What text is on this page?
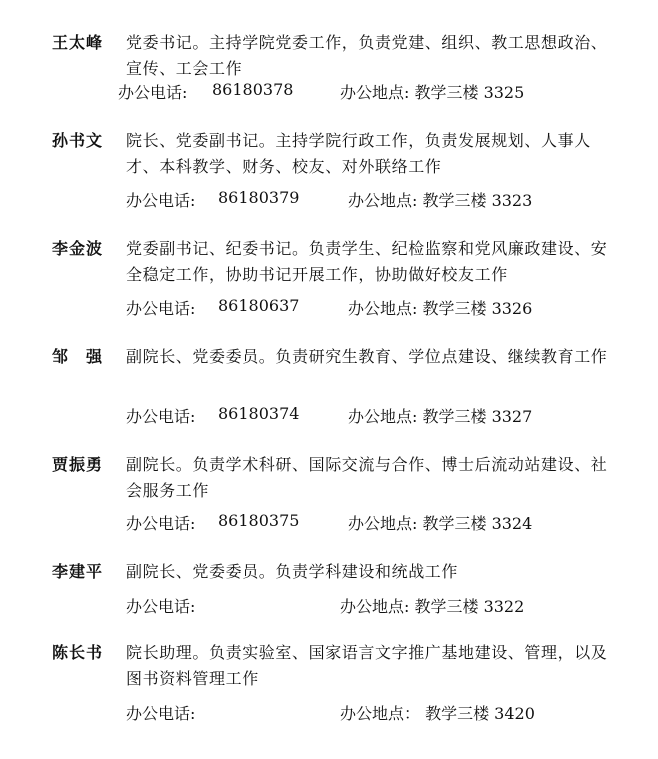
王太峰 党委书记。主持学院党委工作，负责党建、组织、教工思想政治、宣传、工会工作
办公电话: 86180378	办公地点: 教学三楼 3325
孙书文 院长、党委副书记。主持学院行政工作，负责发展规划、人事人才、本科教学、财务、校友、对外联络工作
办公电话: 86180379	办公地点: 教学三楼 3323
李金波 党委副书记、纪委书记。负责学生、纪检监察和党风廉政建设、安全稳定工作，协助书记开展工作，协助做好校友工作
办公电话: 86180637	办公地点: 教学三楼 3326
邹　强 副院长、党委委员。负责研究生教育、学位点建设、继续教育工作
办公电话: 86180374	办公地点: 教学三楼 3327
贾振勇 副院长。负责学术科研、国际交流与合作、博士后流动站建设、社会服务工作
办公电话: 86180375	办公地点: 教学三楼 3324
李建平 副院长、党委委员。负责学科建设和统战工作
办公电话:	办公地点: 教学三楼 3322
陈长书 院长助理。负责实验室、国家语言文字推广基地建设、管理，以及图书资料管理工作
办公电话:	办公地点： 教学三楼 3420
